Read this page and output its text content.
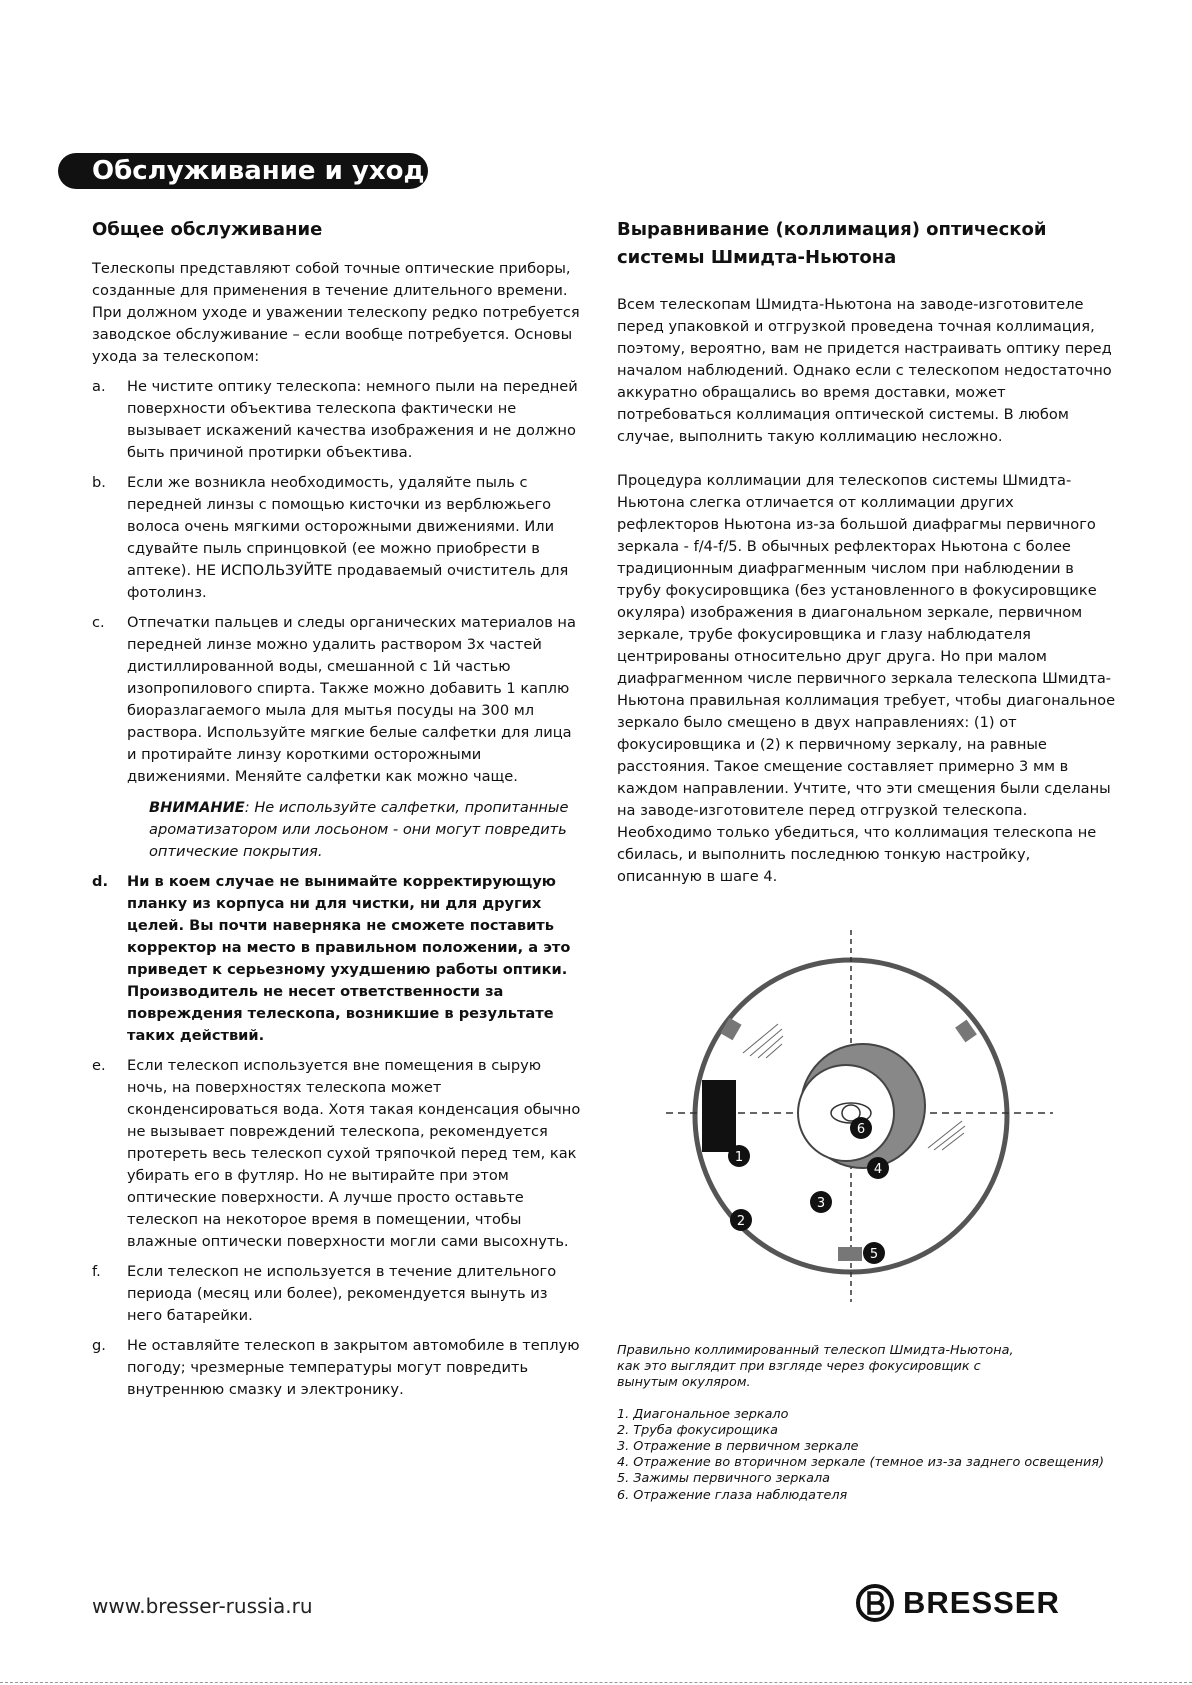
Обслуживание и уход
Общее обслуживание

Телескопы представляют собой точные оптические приборы, созданные для применения в течение длительного времени. При должном уходе и уважении телескопу редко потребуется заводское обслуживание – если вообще потребуется. Основы ухода за телескопом:

a.	Не чистите оптику телескопа: немного пыли на передней поверхности объектива телескопа фактически не вызывает искажений качества изображения и не должно быть причиной протирки объектива.
b.	Если же возникла необходимость, удаляйте пыль с передней линзы с помощью кисточки из верблюжьего волоса очень мягкими осторожными движениями. Или сдувайте пыль спринцовкой (ее можно приобрести в аптеке). НЕ ИСПОЛЬЗУЙТЕ продаваемый очиститель для фотолинз.
c.	Отпечатки пальцев и следы органических материалов на передней линзе можно удалить раствором 3х частей дистиллированной воды, смешанной с 1й частью изопропилового спирта. Также можно добавить 1 каплю биоразлагаемого мыла для мытья посуды на 300 мл раствора. Используйте мягкие белые салфетки для лица и протирайте линзу короткими осторожными движениями. Меняйте салфетки как можно чаще.

ВНИМАНИЕ: Не используйте салфетки, пропитанные ароматизатором или лосьоном - они могут повредить оптические покрытия.

d.	Ни в коем случае не вынимайте корректирующую планку из корпуса ни для чистки, ни для других целей. Вы почти наверняка не сможете поставить корректор на место в правильном положении, а это приведет к серьезному ухудшению работы оптики. Производитель не несет ответственности за повреждения телескопа, возникшие в результате таких действий.
e.	Если телескоп используется вне помещения в сырую ночь, на поверхностях телескопа может сконденсироваться вода. Хотя такая конденсация обычно не вызывает повреждений телескопа, рекомендуется протереть весь телескоп сухой тряпочкой перед тем, как убирать его в футляр. Но не вытирайте при этом оптические поверхности. А лучше просто оставьте телескоп на некоторое время в помещении, чтобы влажные оптически поверхности могли сами высохнуть.
f.	Если телескоп не используется в течение длительного периода (месяц или более), рекомендуется вынуть из него батарейки.
g.	Не оставляйте телескоп в закрытом автомобиле в теплую погоду; чрезмерные температуры могут повредить внутреннюю смазку и электронику.
Выравнивание (коллимация) оптической системы Шмидта-Ньютона

Всем телескопам Шмидта-Ньютона на заводе-изготовителе перед упаковкой и отгрузкой проведена точная коллимация, поэтому, вероятно, вам не придется настраивать оптику перед началом наблюдений. Однако если с телескопом недостаточно аккуратно обращались во время доставки, может потребоваться коллимация оптической системы. В любом случае, выполнить такую коллимацию несложно.

Процедура коллимации для телескопов системы Шмидта-Ньютона слегка отличается от коллимации других рефлекторов Ньютона из-за большой диафрагмы первичного зеркала - f/4-f/5. В обычных рефлекторах Ньютона с более традиционным диафрагменным числом при наблюдении в трубу фокусировщика (без установленного в фокусировщике окуляра) изображения в диагональном зеркале, первичном зеркале, трубе фокусировщика и глазу наблюдателя центрированы относительно друг друга. Но при малом диафрагменном числе первичного зеркала телескопа Шмидта-Ньютона правильная коллимация требует, чтобы диагональное зеркало было смещено в двух направлениях: (1) от фокусировщика и (2) к первичному зеркалу, на равные расстояния. Такое смещение составляет примерно 3 мм в каждом направлении. Учтите, что эти смещения были сделаны на заводе-изготовителе перед отгрузкой телескопа. Необходимо только убедиться, что коллимация телескопа не сбилась, и выполнить последнюю тонкую настройку, описанную в шаге 4.

1
2
3
4
5
6

Правильно коллимированный телескоп Шмидта-Ньютона, как это выглядит при взгляде через фокусировщик с вынутым окуляром.

1. Диагональное зеркало
2. Труба фокусирощика
3. Отражение в первичном зеркале
4. Отражение во вторичном зеркале (темное из-за заднего освещения)
5. Зажимы первичного зеркала
6. Отражение глаза наблюдателя
www.bresser-russia.ru	BRESSER
